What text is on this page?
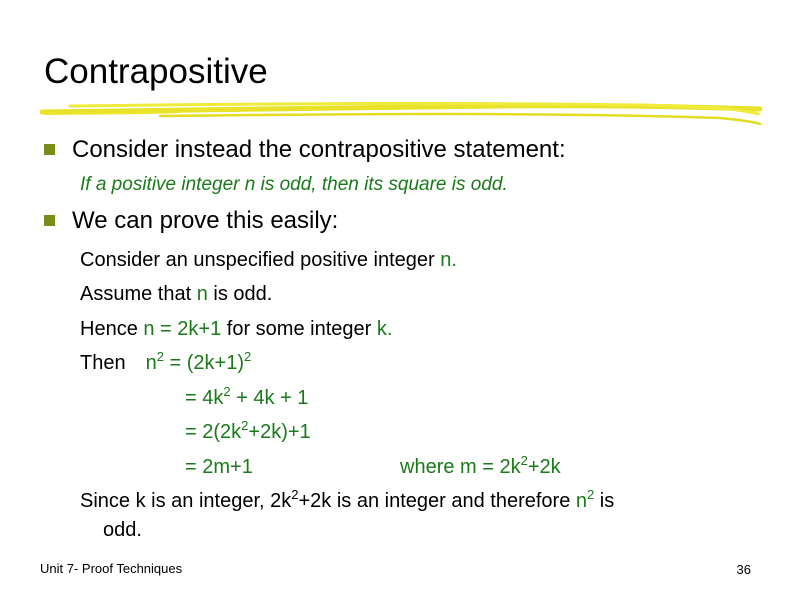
Contrapositive
Consider instead the contrapositive statement:
If a positive integer n is odd, then its square is odd.
We can prove this easily:
Consider an unspecified positive integer n.
Assume that n is odd.
Hence n = 2k+1 for some integer k.
Then $n^2 = (2k+1)^2$
= $4k^2 + 4k + 1$
= $2(2k^2+2k)+1$
= 2m+1	where $m = 2k^2+2k$
Since k is an integer, $2k^2+2k$ is an integer and therefore $n^2$ is
odd.
Unit 7- Proof Techniques	36
